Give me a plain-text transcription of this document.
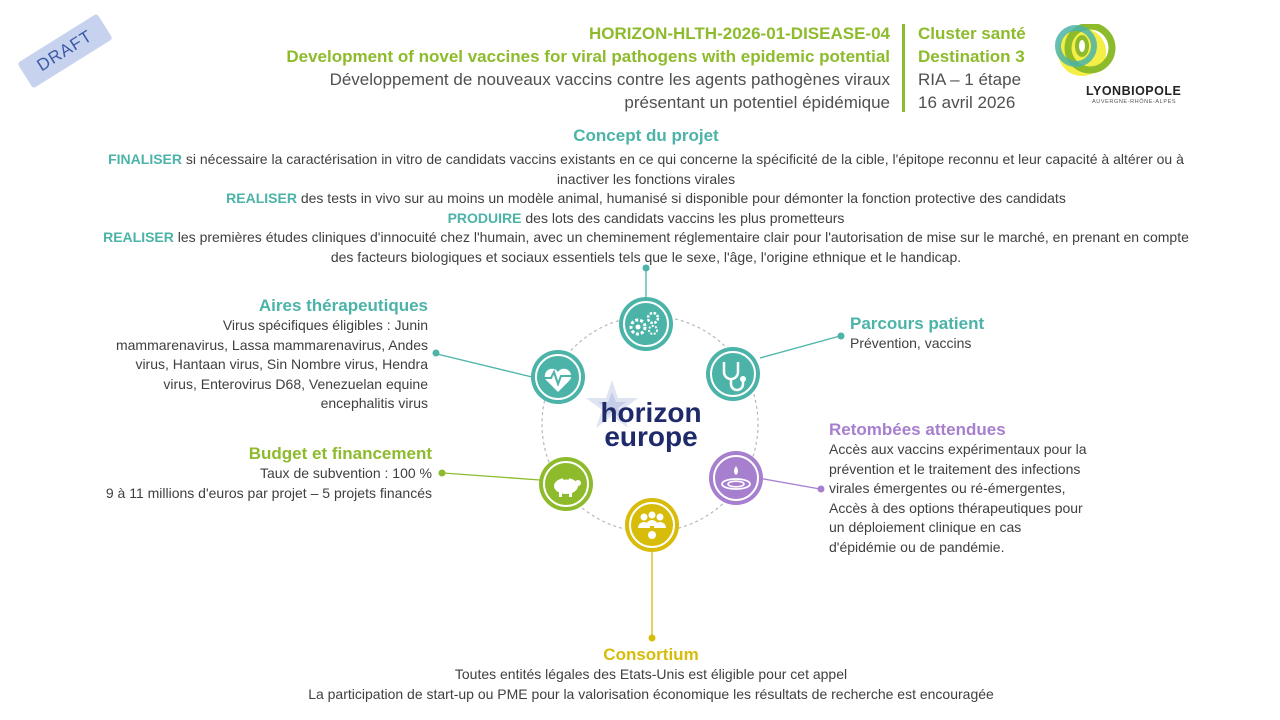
DRAFT	HORIZON-HLTH-2026-01-DISEASE-04
Development of novel vaccines for viral pathogens with epidemic potential
Développement de nouveaux vaccins contre les agents pathogènes viraux
présentant un potentiel épidémique
Cluster santé
Destination 3
RIA – 1 étape
16 avril 2026
LYONBIOPOLE
AUVERGNE-RHÔNE-ALPES
Concept du projet
FINALISER si nécessaire la caractérisation in vitro de candidats vaccins existants en ce qui concerne la spécificité de la cible, l'épitope reconnu et leur capacité à altérer ou à
inactiver les fonctions virales
REALISER des tests in vivo sur au moins un modèle animal, humanisé si disponible pour démonter la fonction protective des candidats
PRODUIRE des lots des candidats vaccins les plus prometteurs
REALISER les premières études cliniques d'innocuité chez l'humain, avec un cheminement réglementaire clair pour l'autorisation de mise sur le marché, en prenant en compte
des facteurs biologiques et sociaux essentiels tels que le sexe, l'âge, l'origine ethnique et le handicap.
horizon
europe
Aires thérapeutiques
Virus spécifiques éligibles : Junin
mammarenavirus, Lassa mammarenavirus, Andes
virus, Hantaan virus, Sin Nombre virus, Hendra
virus, Enterovirus D68, Venezuelan equine
encephalitis virus
Budget et financement
Taux de subvention : 100 %
9 à 11 millions d'euros par projet – 5 projets financés
Parcours patient
Prévention, vaccins
Retombées attendues
Accès aux vaccins expérimentaux pour la
prévention et le traitement des infections
virales émergentes ou ré-émergentes,
Accès à des options thérapeutiques pour
un déploiement clinique en cas
d'épidémie ou de pandémie.
Consortium
Toutes entités légales des Etats-Unis est éligible pour cet appel
La participation de start-up ou PME pour la valorisation économique les résultats de recherche est encouragée
